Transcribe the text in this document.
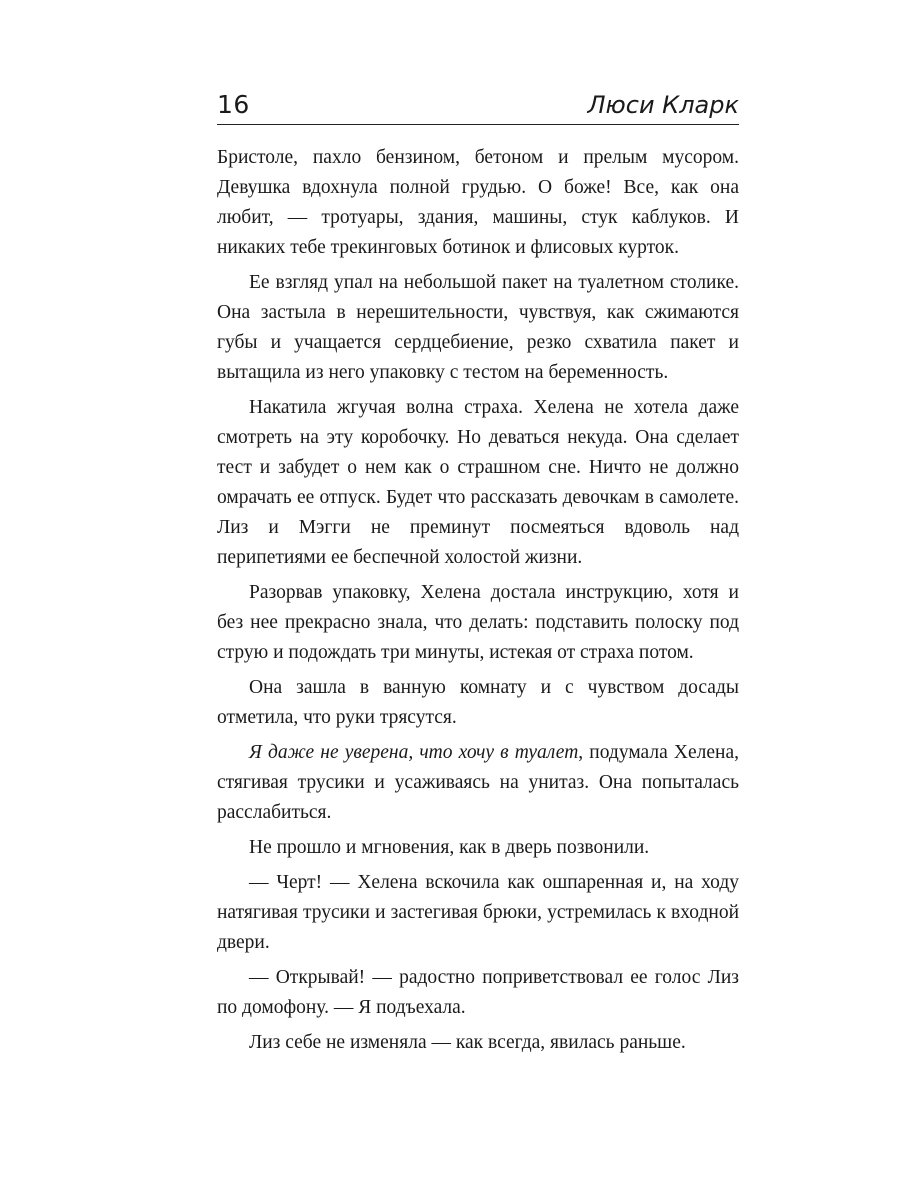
16	Люси Кларк

Бристоле, пахло бензином, бетоном и прелым мусором. Девушка вдохнула полной грудью. О боже! Все, как она любит, — тротуары, здания, машины, стук каблуков. И никаких тебе трекинговых ботинок и флисовых курток.

Ее взгляд упал на небольшой пакет на туалетном столике. Она застыла в нерешительности, чувствуя, как сжимаются губы и учащается сердцебиение, резко схватила пакет и вытащила из него упаковку с тестом на беременность.

Накатила жгучая волна страха. Хелена не хотела даже смотреть на эту коробочку. Но деваться некуда. Она сделает тест и забудет о нем как о страшном сне. Ничто не должно омрачать ее отпуск. Будет что рассказать девочкам в самолете. Лиз и Мэгги не преминут посмеяться вдоволь над перипетиями ее беспечной холостой жизни.

Разорвав упаковку, Хелена достала инструкцию, хотя и без нее прекрасно знала, что делать: подставить полоску под струю и подождать три минуты, истекая от страха потом.

Она зашла в ванную комнату и с чувством досады отметила, что руки трясутся.

Я даже не уверена, что хочу в туалет, подумала Хелена, стягивая трусики и усаживаясь на унитаз. Она попыталась расслабиться.

Не прошло и мгновения, как в дверь позвонили.

— Черт! — Хелена вскочила как ошпаренная и, на ходу натягивая трусики и застегивая брюки, устремилась к входной двери.

— Открывай! — радостно поприветствовал ее голос Лиз по домофону. — Я подъехала.

Лиз себе не изменяла — как всегда, явилась раньше.
